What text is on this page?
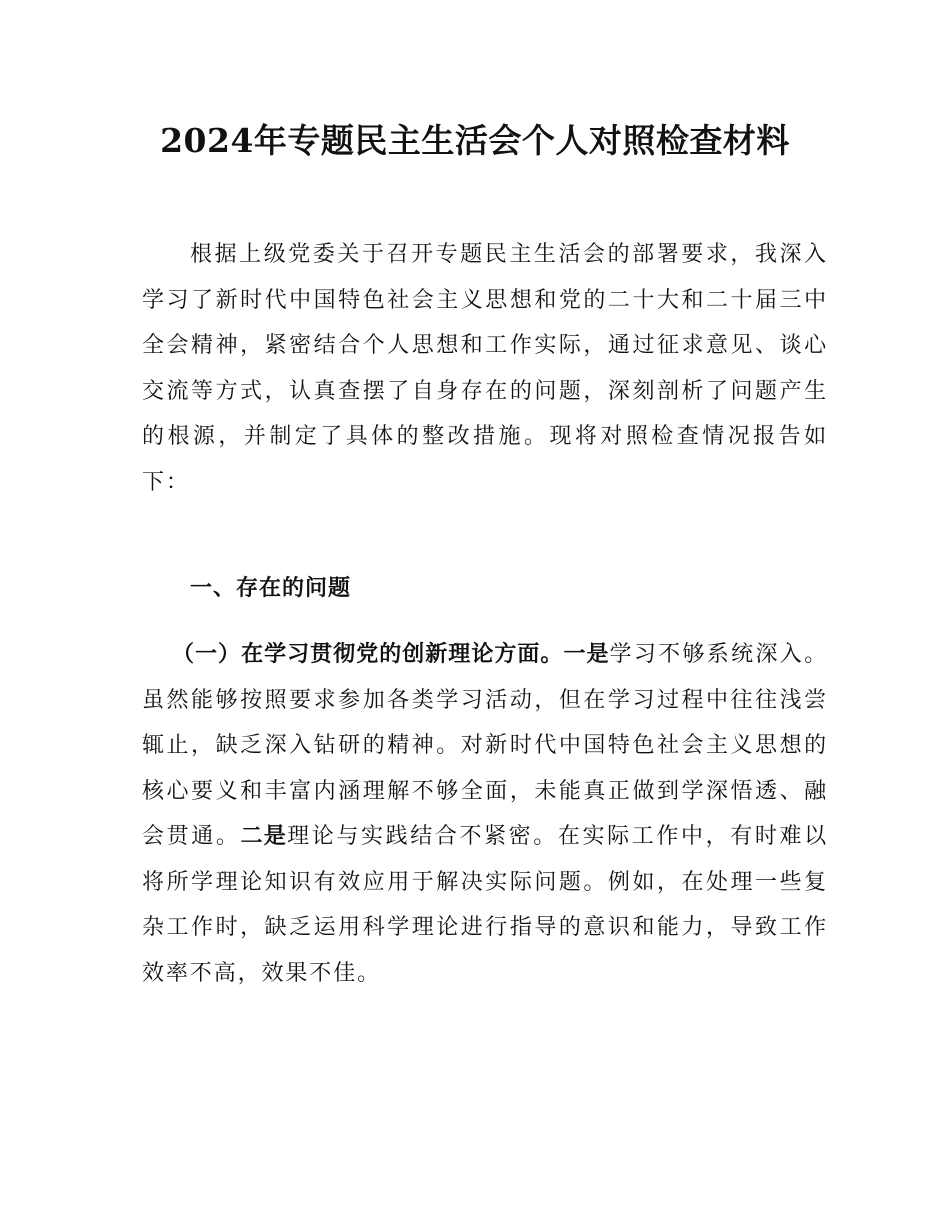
2024年专题民主生活会个人对照检查材料

根据上级党委关于召开专题民主生活会的部署要求，我深入学习了新时代中国特色社会主义思想和党的二十大和二十届三中全会精神，紧密结合个人思想和工作实际，通过征求意见、谈心交流等方式，认真查摆了自身存在的问题，深刻剖析了问题产生的根源，并制定了具体的整改措施。现将对照检查情况报告如下：

一、存在的问题

（一）在学习贯彻党的创新理论方面。一是学习不够系统深入。虽然能够按照要求参加各类学习活动，但在学习过程中往往浅尝辄止，缺乏深入钻研的精神。对新时代中国特色社会主义思想的核心要义和丰富内涵理解不够全面，未能真正做到学深悟透、融会贯通。二是理论与实践结合不紧密。在实际工作中，有时难以将所学理论知识有效应用于解决实际问题。例如，在处理一些复杂工作时，缺乏运用科学理论进行指导的意识和能力，导致工作效率不高，效果不佳。
